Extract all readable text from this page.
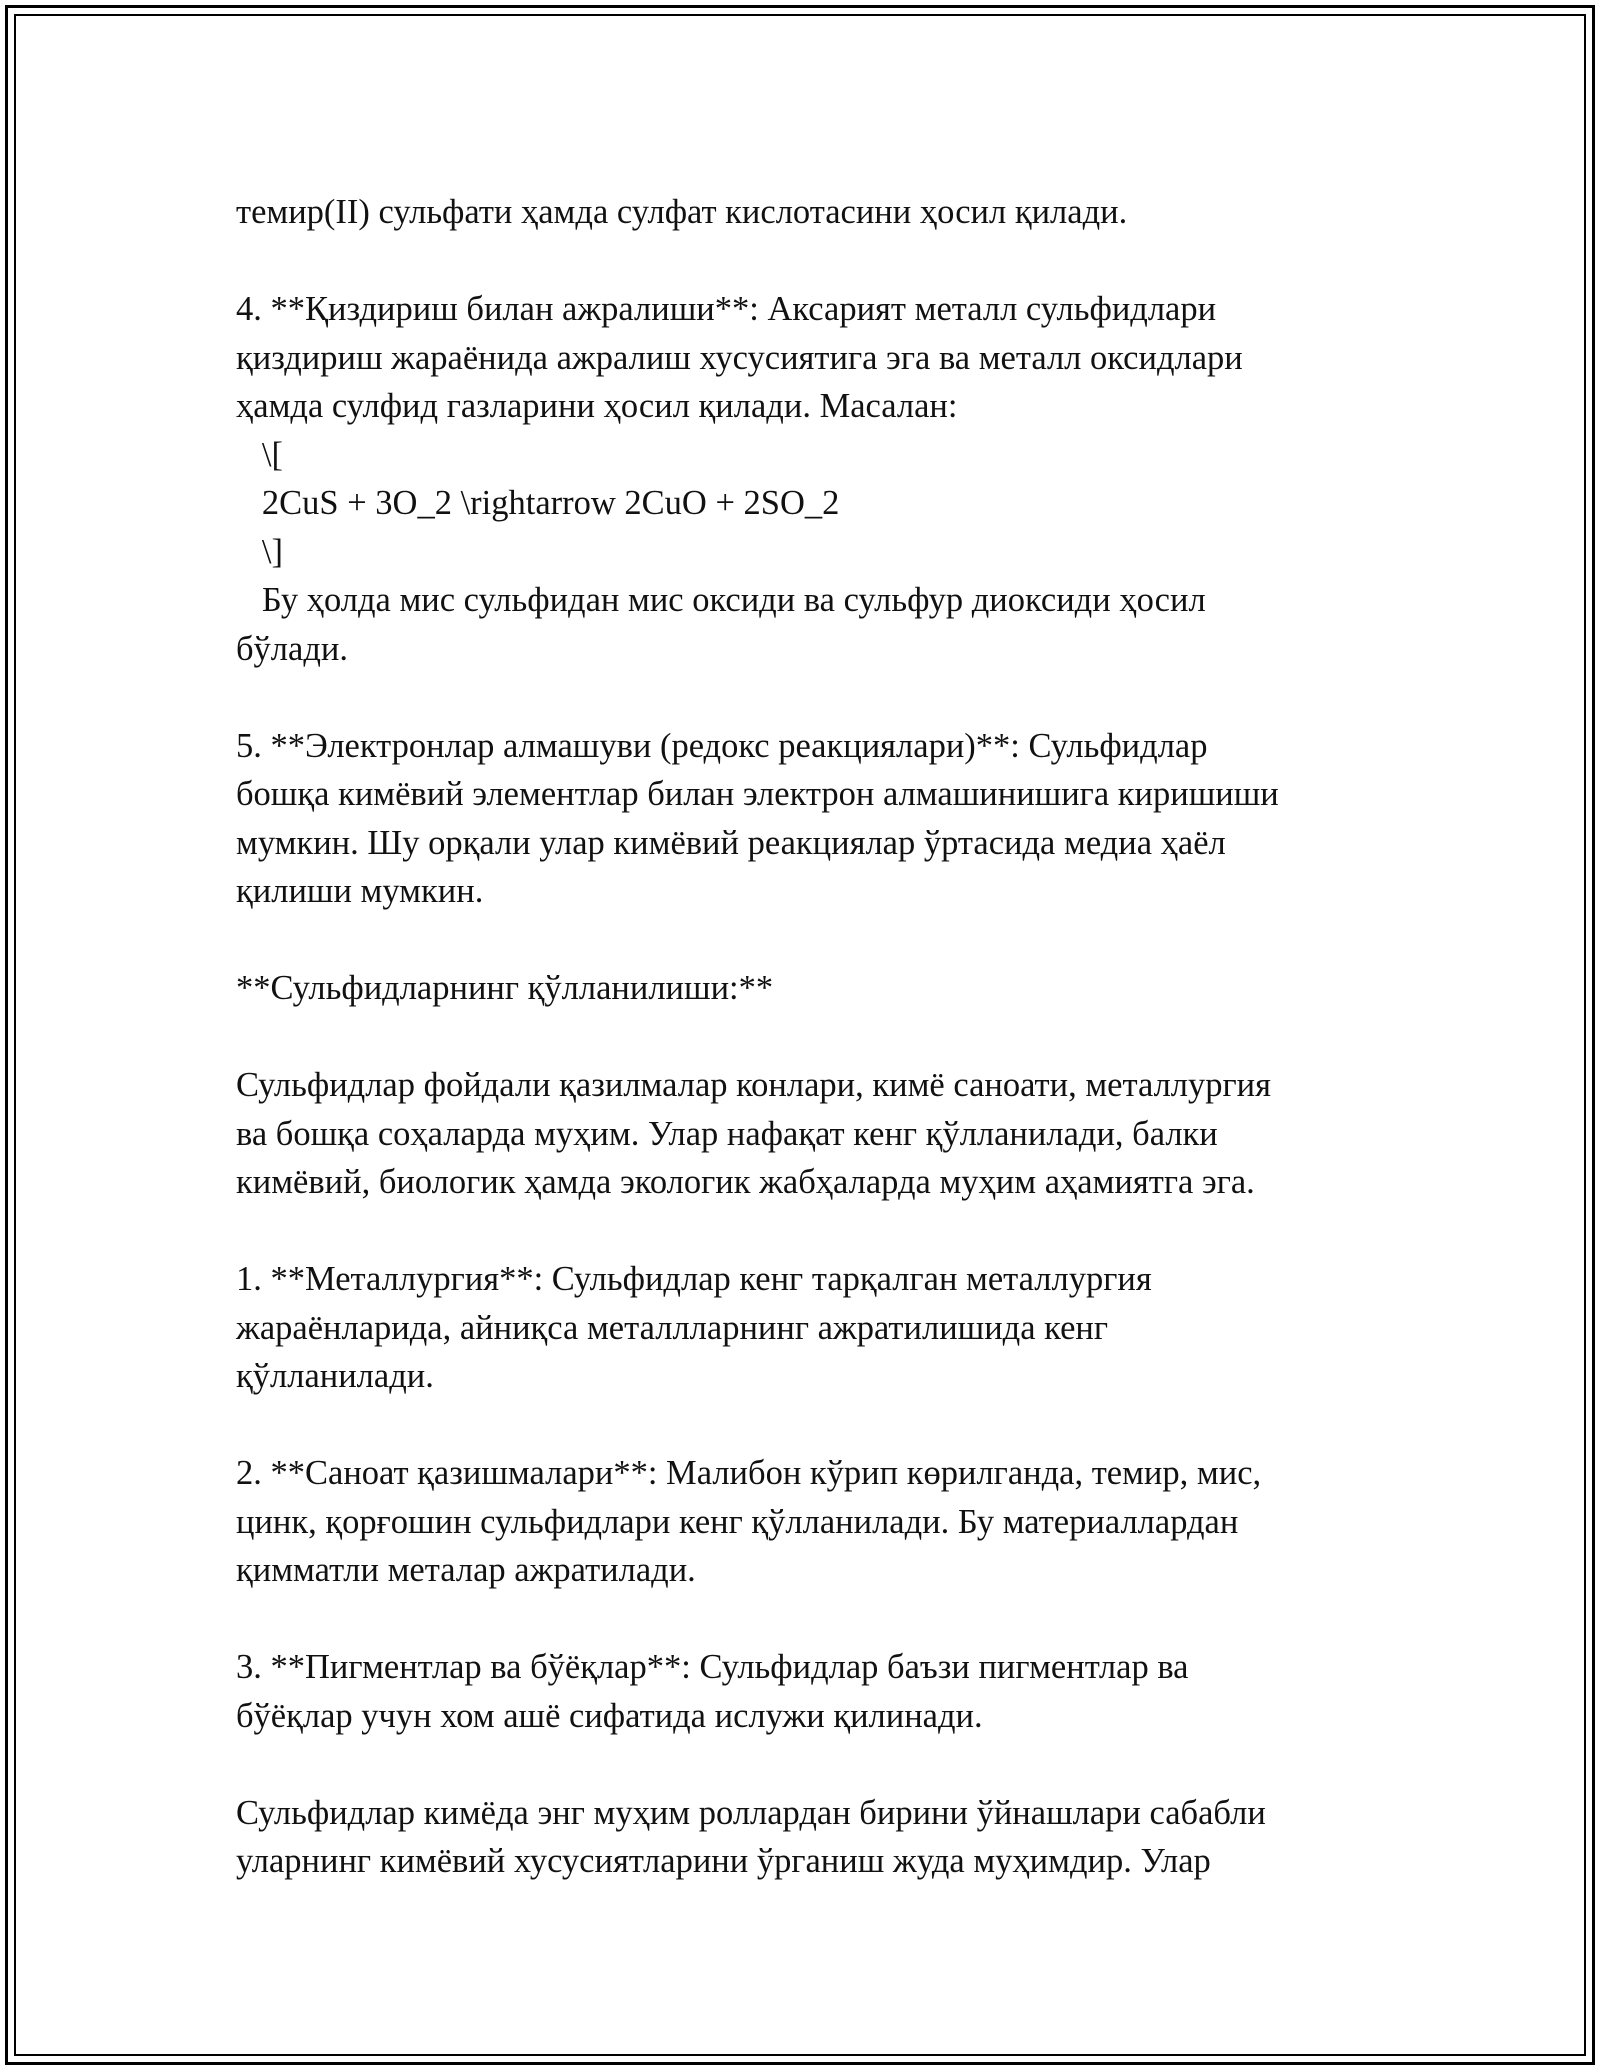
темир(II) сульфати ҳамда сулфат кислотасини ҳосил қилади.
4. **Қиздириш билан ажралиши**: Аксарият металл сульфидлари
қиздириш жараёнида ажралиш хусусиятига эга ва металл оксидлари
ҳамда сулфид газларини ҳосил қилади. Масалан:
\[
2CuS + 3O_2 \rightarrow 2CuO + 2SO_2
\]
Бу ҳолда мис сульфидан мис оксиди ва сульфур диоксиди ҳосил
бўлади.
5. **Электронлар алмашуви (редокс реакциялари)**: Сульфидлар
бошқа кимёвий элементлар билан электрон алмашинишига киришиши
мумкин. Шу орқали улар кимёвий реакциялар ўртасида медиа ҳаёл
қилиши мумкин.
**Сульфидларнинг қўлланилиши:**
Сульфидлар фойдали қазилмалар конлари, кимё саноати, металлургия
ва бошқа соҳаларда муҳим. Улар нафақат кенг қўлланилади, балки
кимёвий, биологик ҳамда экологик жабҳаларда муҳим аҳамиятга эга.
1. **Металлургия**: Сульфидлар кенг тарқалган металлургия
жараёнларида, айниқса металлларнинг ажратилишида кенг
қўлланилади.
2. **Саноат қазишмалари**: Малибон кўрип көрилганда, темир, мис,
цинк, қорғошин сульфидлари кенг қўлланилади. Бу материаллардан
қимматли металар ажратилади.
3. **Пигментлар ва бўёқлар**: Сульфидлар баъзи пигментлар ва
бўёқлар учун хом ашё сифатида ислужи қилинади.
Сульфидлар кимёда энг муҳим роллардан бирини ўйнашлари сабабли
уларнинг кимёвий хусусиятларини ўрганиш жуда муҳимдир. Улар
